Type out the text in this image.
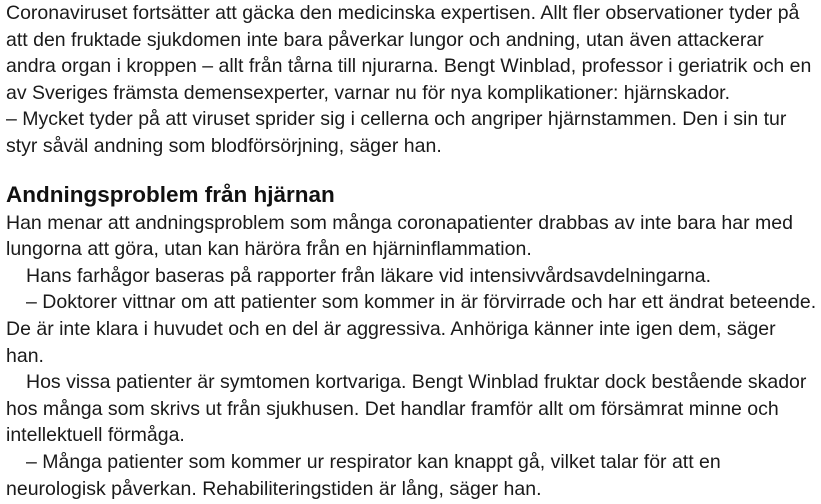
Coronaviruset fortsätter att gäcka den medicinska expertisen. Allt fler observationer tyder på att den fruktade sjukdomen inte bara påverkar lungor och andning, utan även attackerar andra organ i kroppen – allt från tårna till njurarna. Bengt Winblad, professor i geriatrik och en av Sveriges främsta demensexperter, varnar nu för nya komplikationer: hjärnskador.

– Mycket tyder på att viruset sprider sig i cellerna och angriper hjärnstammen. Den i sin tur styr såväl andning som blodförsörjning, säger han.

Andningsproblem från hjärnan

Han menar att andningsproblem som många coronapatienter drabbas av inte bara har med lungorna att göra, utan kan häröra från en hjärninflammation.

Hans farhågor baseras på rapporter från läkare vid intensivvårdsavdelningarna.

– Doktorer vittnar om att patienter som kommer in är förvirrade och har ett ändrat beteende. De är inte klara i huvudet och en del är aggressiva. Anhöriga känner inte igen dem, säger han.

Hos vissa patienter är symtomen kortvariga. Bengt Winblad fruktar dock bestående skador hos många som skrivs ut från sjukhusen. Det handlar framför allt om försämrat minne och intellektuell förmåga.

– Många patienter som kommer ur respirator kan knappt gå, vilket talar för att en neurologisk påverkan. Rehabiliteringstiden är lång, säger han.
